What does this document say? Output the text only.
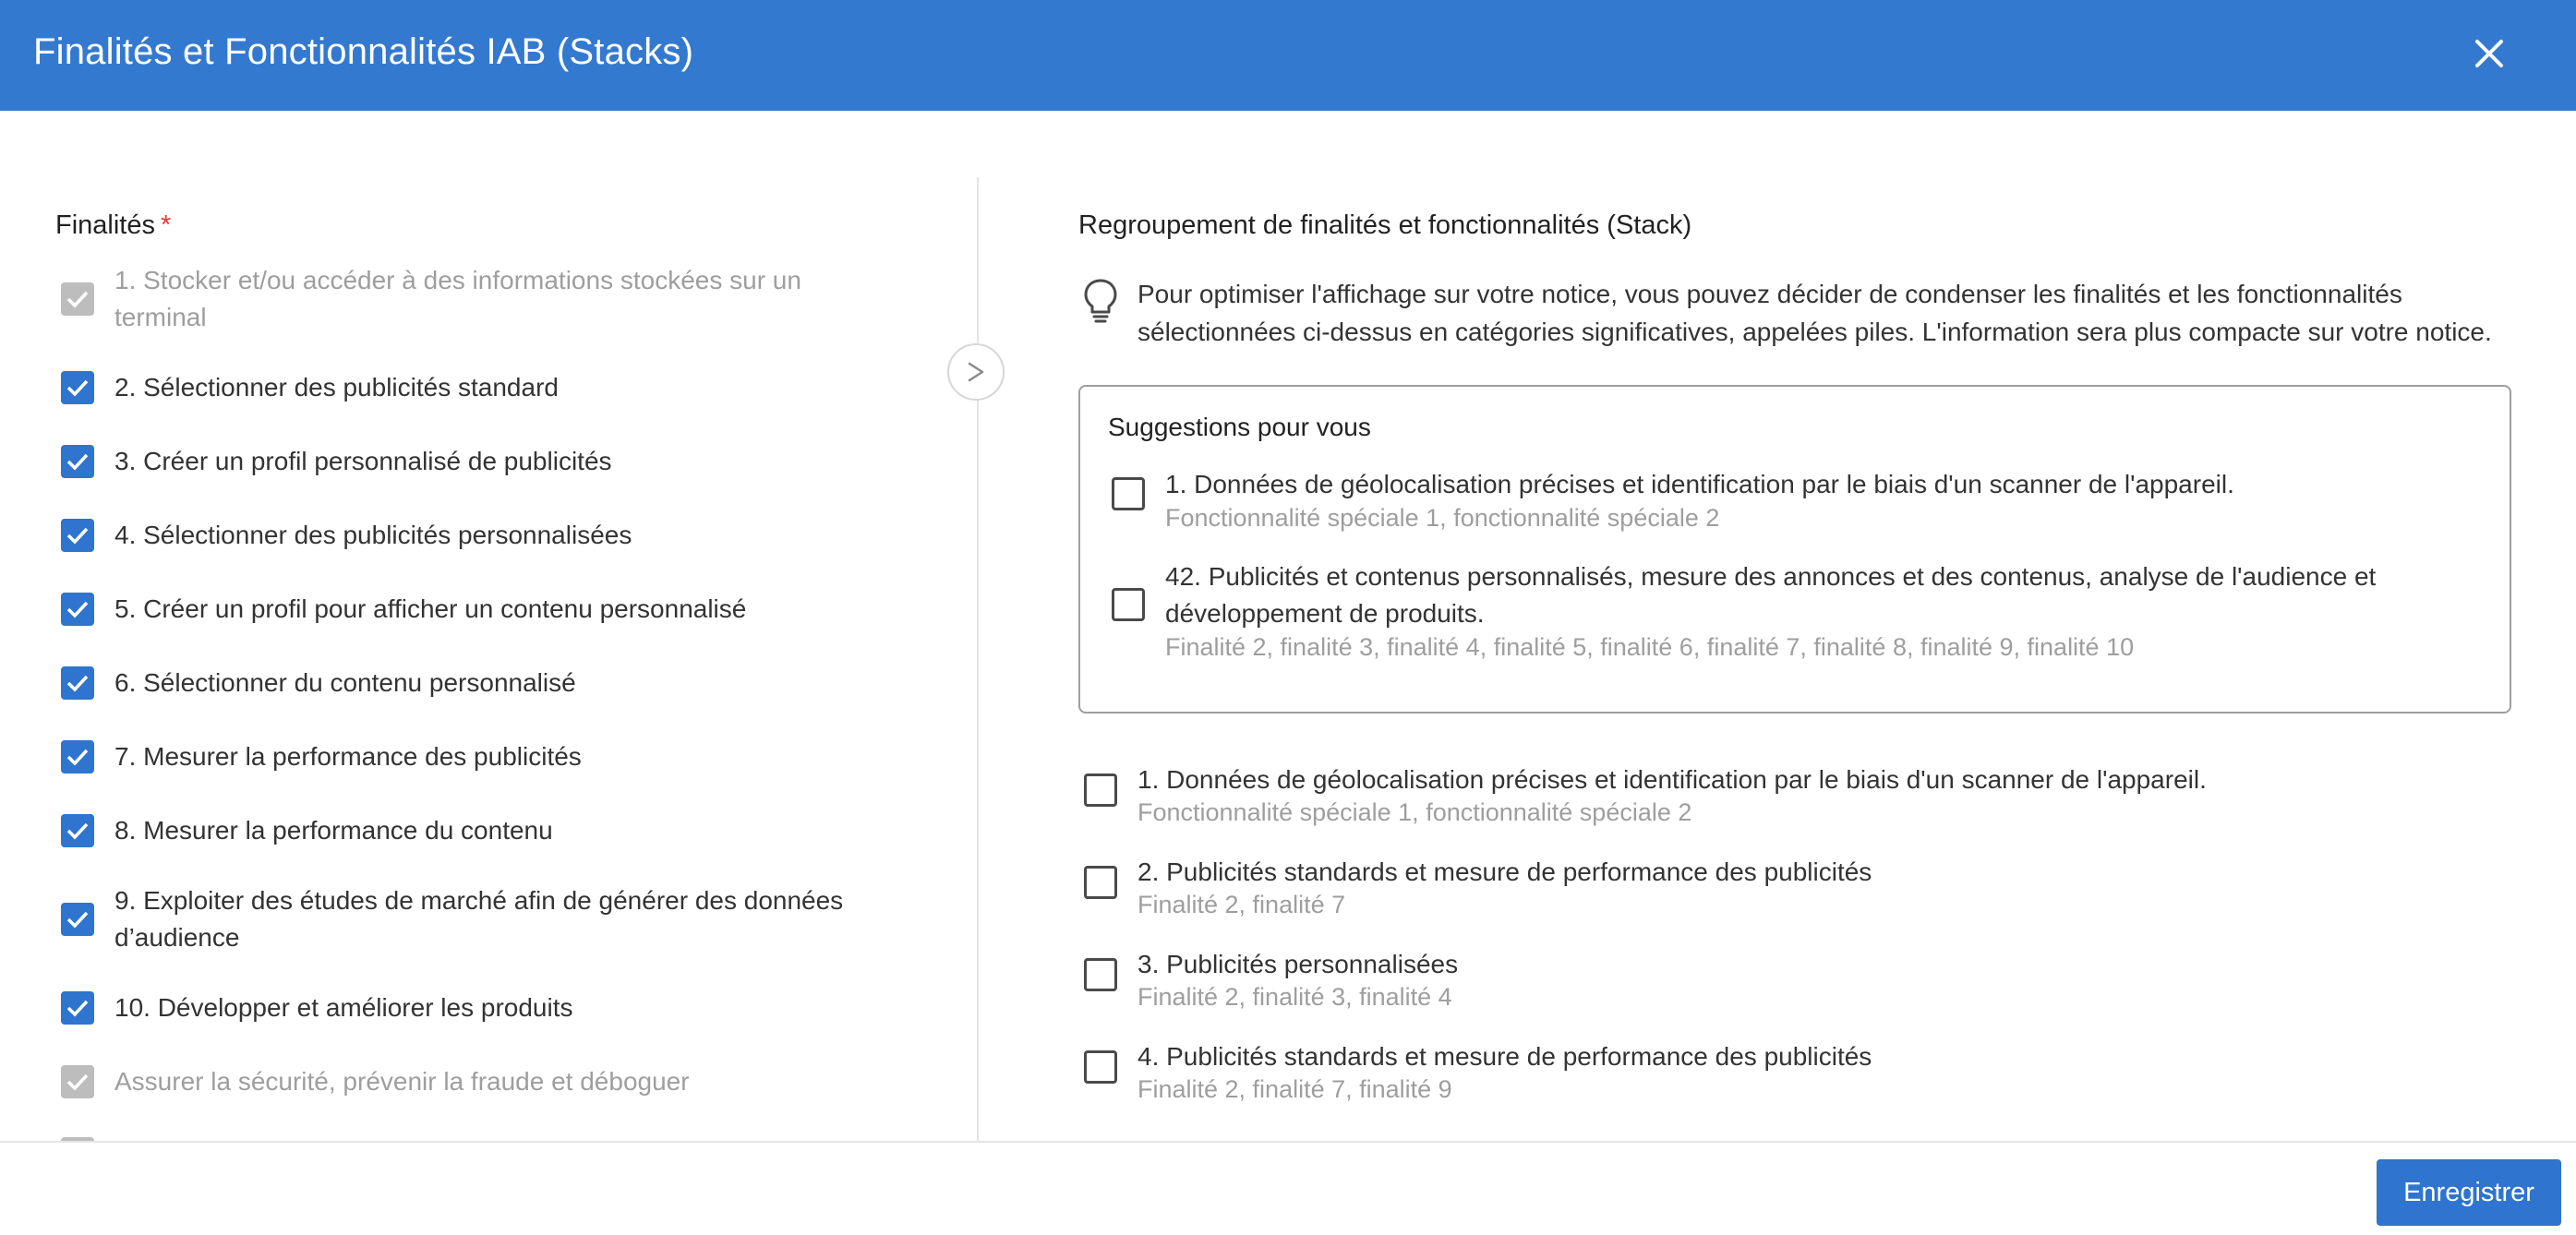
Finalités et Fonctionnalités IAB (Stacks)
Finalités *
1. Stocker et/ou accéder à des informations stockées sur un terminal
2. Sélectionner des publicités standard
3. Créer un profil personnalisé de publicités
4. Sélectionner des publicités personnalisées
5. Créer un profil pour afficher un contenu personnalisé
6. Sélectionner du contenu personnalisé
7. Mesurer la performance des publicités
8. Mesurer la performance du contenu
9. Exploiter des études de marché afin de générer des données d’audience
10. Développer et améliorer les produits
Assurer la sécurité, prévenir la fraude et déboguer
Regroupement de finalités et fonctionnalités (Stack)
Pour optimiser l'affichage sur votre notice, vous pouvez décider de condenser les finalités et les fonctionnalités sélectionnées ci-dessus en catégories significatives, appelées piles. L'information sera plus compacte sur votre notice.
Suggestions pour vous
1. Données de géolocalisation précises et identification par le biais d'un scanner de l'appareil.
Fonctionnalité spéciale 1, fonctionnalité spéciale 2
42. Publicités et contenus personnalisés, mesure des annonces et des contenus, analyse de l'audience et développement de produits.
Finalité 2, finalité 3, finalité 4, finalité 5, finalité 6, finalité 7, finalité 8, finalité 9, finalité 10
1. Données de géolocalisation précises et identification par le biais d'un scanner de l'appareil.
Fonctionnalité spéciale 1, fonctionnalité spéciale 2
2. Publicités standards et mesure de performance des publicités
Finalité 2, finalité 7
3. Publicités personnalisées
Finalité 2, finalité 3, finalité 4
4. Publicités standards et mesure de performance des publicités
Finalité 2, finalité 7, finalité 9
Enregistrer
